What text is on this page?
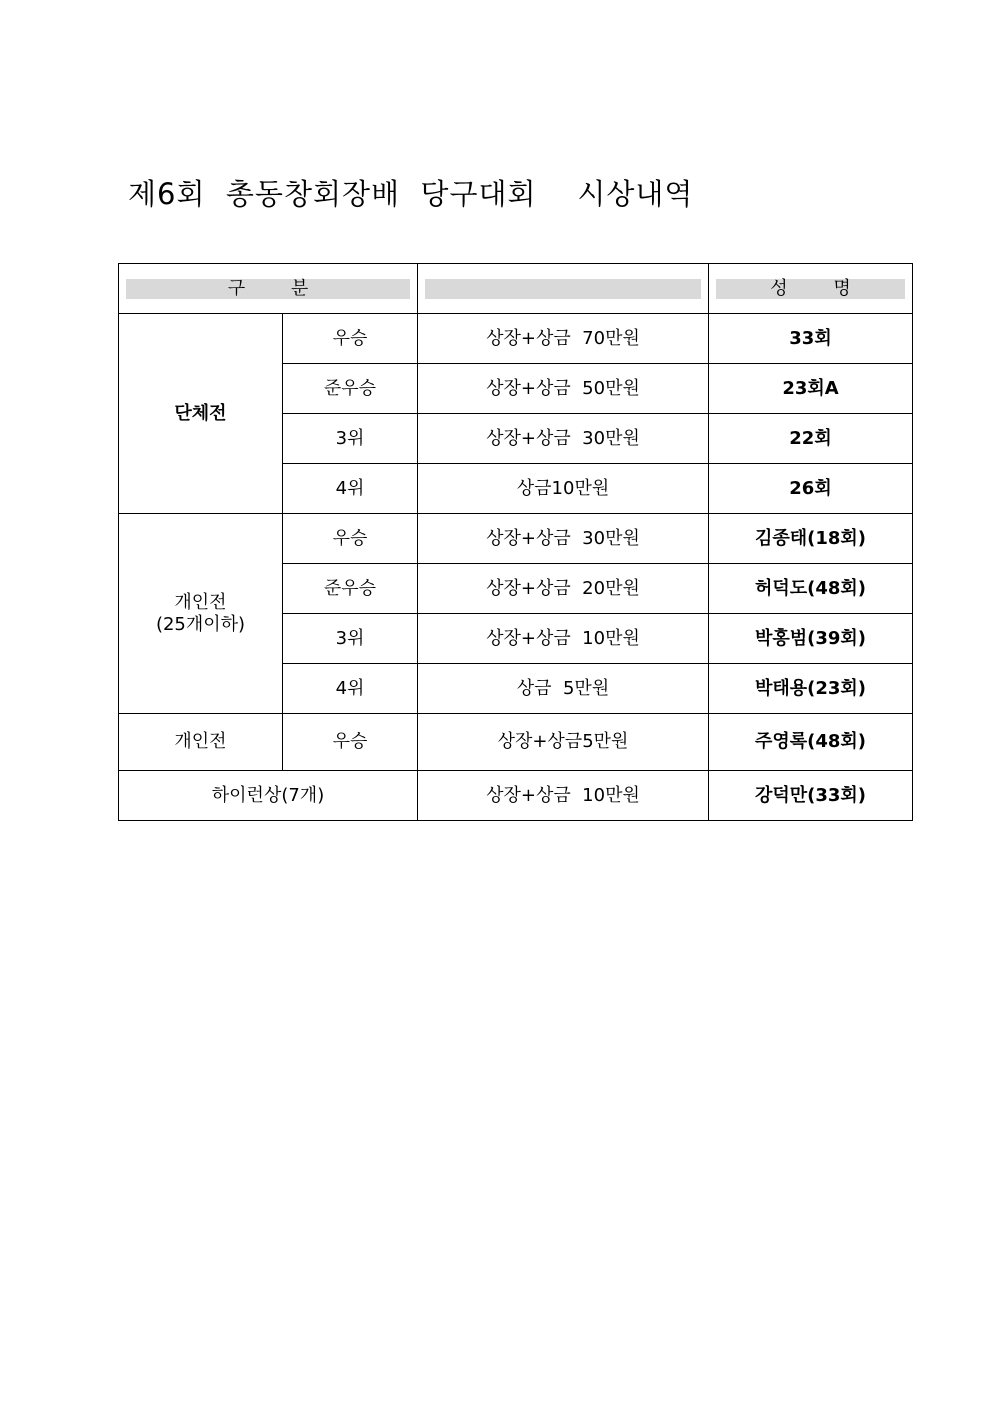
제6회  총동창회장배  당구대회    시상내역
구 분			성 명

단체전	우승	상장+상금  70만원	33회
	준우승	상장+상금  50만원	23회A
	3위	상장+상금  30만원	22회
	4위	상금10만원	26회

개인전
(25개이하)	우승	상장+상금  30만원	김종태(18회)
	준우승	상장+상금  20만원	허덕도(48회)
	3위	상장+상금  10만원	박홍범(39회)
	4위	상금  5만원	박태용(23회)
개인전	우승	상장+상금5만원	주영록(48회)
하이런상(7개)		상장+상금  10만원	강덕만(33회)
